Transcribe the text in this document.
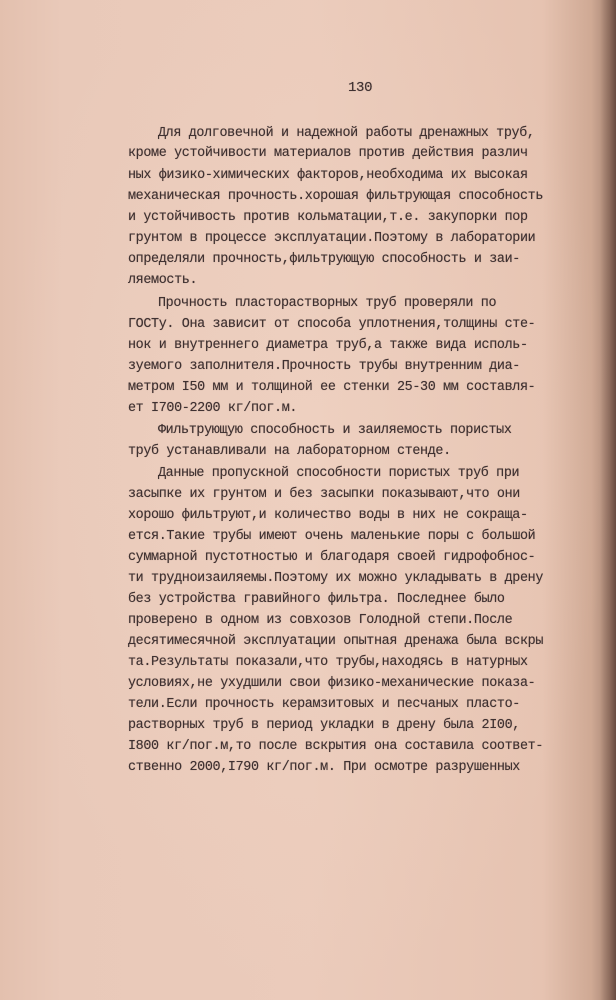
130
Для долговечной и надежной работы дренажных труб,
кроме устойчивости материалов против действия различ
ных физико-химических факторов,необходима их высокая
механическая прочность.хорошая фильтрующая способность
и устойчивость против кольматации,т.е. закупорки пор
грунтом в процессе эксплуатации.Поэтому в лаборатории
определяли прочность,фильтрующую способность и заи-
ляемость.
Прочность пласторастворных труб проверяли по
ГОСТу. Она зависит от способа уплотнения,толщины сте-
нок и внутреннего диаметра труб,а также вида исполь-
зуемого заполнителя.Прочность трубы внутренним диа-
метром I50 мм и толщиной ее стенки 25-30 мм составля-
ет I700-2200 кг/пог.м.
Фильтрующую способность и заиляемость пористых
труб устанавливали на лабораторном стенде.
Данные пропускной способности пористых труб при
засыпке их грунтом и без засыпки показывают,что они
хорошо фильтруют,и количество воды в них не сокраща-
ется.Такие трубы имеют очень маленькие поры с большой
суммарной пустотностью и благодаря своей гидрофобнос-
ти трудноизаиляемы.Поэтому их можно укладывать в дрену
без устройства гравийного фильтра. Последнее было
проверено в одном из совхозов Голодной степи.После
десятимесячной эксплуатации опытная дренажа была вскры
та.Результаты показали,что трубы,находясь в натурных
условиях,не ухудшили свои физико-механические показа-
тели.Если прочность керамзитовых и песчаных пласто-
растворных труб в период укладки в дрену была 2I00,
I800 кг/пог.м,то после вскрытия она составила соответ-
ственно 2000,I790 кг/пог.м. При осмотре разрушенных
